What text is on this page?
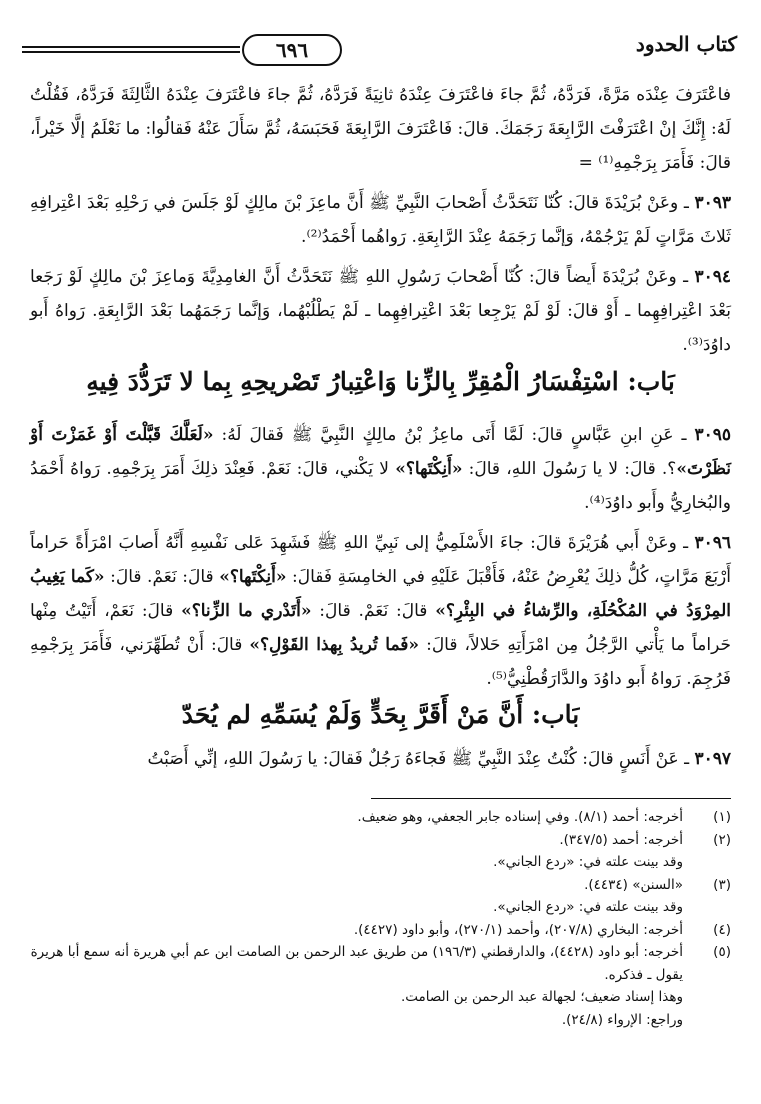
كتاب الحدود
٦٩٦

فاعْتَرَفَ عِنْدَه مَرَّةً، فَرَدَّهُ، ثُمَّ جاءَ فاعْتَرَفَ عِنْدَهُ ثانِيَةً فَرَدَّهُ، ثُمَّ جاءَ فاعْتَرَفَ عِنْدَهُ الثَّالِثَةَ فَرَدَّهُ، فَقُلْتُ لَهُ: إِنَّكَ إنْ اعْتَرَفْتَ الرَّابِعَةَ رَجَمَكَ. قالَ: فَاعْتَرَفَ الرَّابِعَةَ فَحَبَسَهُ، ثُمَّ سَأَلَ عَنْهُ فَقالُوا: ما نَعْلَمُ إلَّا خَيْراً، قالَ: فَأَمَرَ بِرَجْمِهِ⁽¹⁾ =

٣٠٩٣ ـ وعَنْ بُرَيْدَةَ قالَ: كُنّا نَتَحَدَّثُ أَصْحابَ النَّبِيِّ ﷺ أَنَّ ماعِزَ بْنَ مالِكٍ لَوْ جَلَسَ في رَحْلِهِ بَعْدَ اعْتِرافِهِ ثَلاثَ مَرَّاتٍ لَمْ يَرْجُمْهُ، وَإنَّما رَجَمَهُ عِنْدَ الرَّابِعَةِ. رَواهُما أَحْمَدُ⁽²⁾.

٣٠٩٤ ـ وعَنْ بُرَيْدَةَ أَيضاً قالَ: كُنّا أَصْحابَ رَسُولِ اللهِ ﷺ نَتَحَدَّثُ أَنَّ الغامِدِيَّةَ وَماعِزَ بْنَ مالِكٍ لَوْ رَجَعا بَعْدَ اعْتِرافِهِما ـ أَوْ قالَ: لَوْ لَمْ يَرْجِعا بَعْدَ اعْتِرافِهِما ـ لَمْ يَطْلُبْهُما، وَإنَّما رَجَمَهُما بَعْدَ الرَّابِعَةِ. رَواهُ أَبو داوُدَ⁽³⁾.

بَاب: اسْتِفْسَارُ الْمُقِرِّ بِالزِّنا وَاعْتِبارُ تَصْريحِهِ بِما لا تَرَدُّدَ فِيهِ

٣٠٩٥ ـ عَنِ ابنِ عَبَّاسٍ قالَ: لَمَّا أَتَى ماعِزُ بْنُ مالِكٍ النَّبِيَّ ﷺ فَقالَ لَهُ: «لَعَلَّكَ قَبَّلْتَ أَوْ غَمَزْتَ أَوْ نَظَرْتَ»؟. قالَ: لا يا رَسُولَ اللهِ، قالَ: «أَنِكْتَها؟» لا يَكْني، قالَ: نَعَمْ. فَعِنْدَ ذلِكَ أَمَرَ بِرَجْمِهِ. رَواهُ أَحْمَدُ والبُخارِيُّ وأَبو داوُدَ⁽⁴⁾.

٣٠٩٦ ـ وعَنْ أَبي هُرَيْرَةَ قالَ: جاءَ الأَسْلَمِيُّ إلى نَبِيِّ اللهِ ﷺ فَشَهِدَ عَلى نَفْسِهِ أَنَّهُ أَصابَ امْرَأَةً حَراماً أَرْبَعَ مَرَّاتٍ، كُلُّ ذلِكَ يُعْرِضُ عَنْهُ، فَأَقْبَلَ عَلَيْهِ في الخامِسَةِ فَقالَ: «أَنِكْتَها؟» قالَ: نَعَمْ. قالَ: «كَما يَغِيبُ المِرْوَدُ في المُكْحُلَةِ، والرِّشاءُ في البِئْرِ؟» قالَ: نَعَمْ. قالَ: «أَتَدْري ما الزِّنا؟» قالَ: نَعَمْ، أَتَيْتُ مِنْها حَراماً ما يَأْتي الرَّجُلُ مِن امْرَأَتِهِ حَلالاً، قالَ: «فَما تُريدُ بِهذا القَوْلِ؟» قالَ: أَنْ تُطَهِّرَني، فَأَمَرَ بِرَجْمِهِ فَرُجِمَ. رَواهُ أَبو داوُدَ والدَّارَقُطْنِيُّ⁽⁵⁾.

بَاب: أَنَّ مَنْ أَقَرَّ بِحَدٍّ وَلَمْ يُسَمِّهِ لم يُحَدّ

٣٠٩٧ ـ عَنْ أَنَسٍ قالَ: كُنْتُ عِنْدَ النَّبِيِّ ﷺ فَجاءَهُ رَجُلٌ فَقالَ: يا رَسُولَ اللهِ، إنِّي أَصَبْتُ

(١)
أخرجه: أحمد (٨/١). وفي إسناده جابر الجعفي، وهو ضعيف.
(٢)
أخرجه: أحمد (٣٤٧/٥).
وقد بينت علته في: «ردع الجاني».
(٣)
«السنن» (٤٤٣٤).
وقد بينت علته في: «ردع الجاني».
(٤)
أخرجه: البخاري (٢٠٧/٨)، وأحمد (٢٧٠/١)، وأبو داود (٤٤٢٧).
(٥)
أخرجه: أبو داود (٤٤٢٨)، والدارقطني (١٩٦/٣) من طريق عبد الرحمن بن الصامت ابن عم أبي هريرة أنه سمع أبا هريرة يقول ـ فذكره.
وهذا إسناد ضعيف؛ لجهالة عبد الرحمن بن الصامت.
وراجع: الإرواء (٢٤/٨).
